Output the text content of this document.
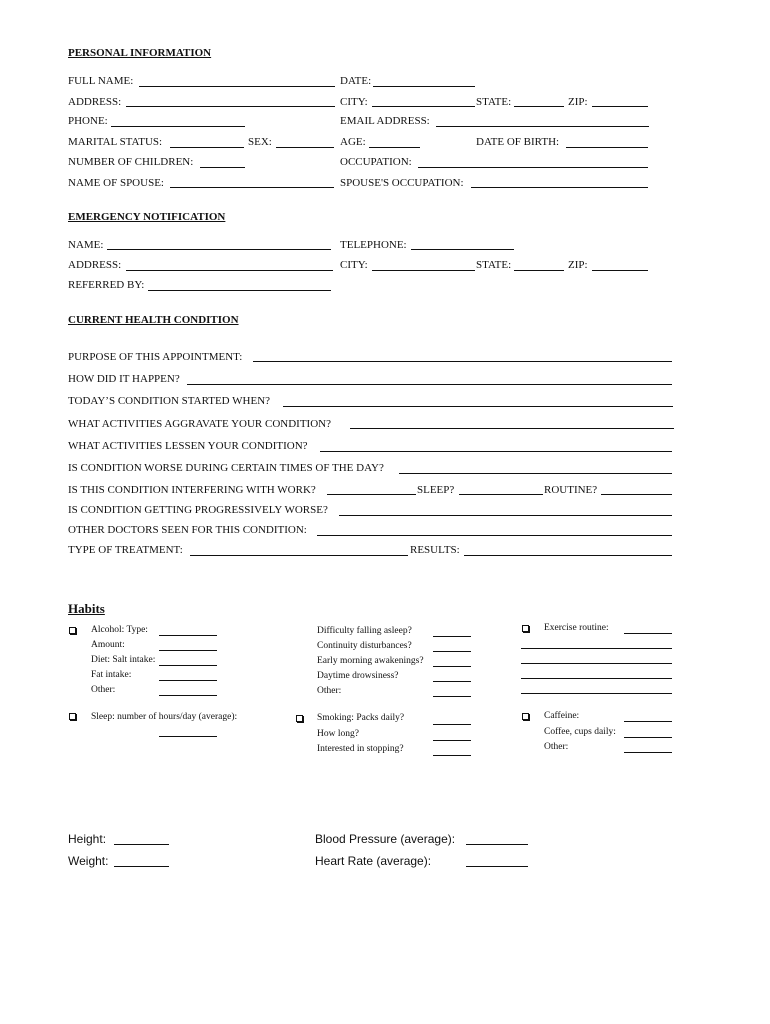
PERSONAL INFORMATION
FULL NAME:	DATE:
ADDRESS:	CITY:	STATE:	ZIP:
PHONE:	EMAIL ADDRESS:
MARITAL STATUS:	SEX:	AGE:	DATE OF BIRTH:
NUMBER OF CHILDREN:	OCCUPATION:
NAME OF SPOUSE:	SPOUSE'S OCCUPATION:
EMERGENCY NOTIFICATION
NAME:	TELEPHONE:
ADDRESS:	CITY:	STATE:	ZIP:
REFERRED BY:
CURRENT HEALTH CONDITION
PURPOSE OF THIS APPOINTMENT:
HOW DID IT HAPPEN?
TODAY’S CONDITION STARTED WHEN?
WHAT ACTIVITIES AGGRAVATE YOUR CONDITION?
WHAT ACTIVITIES LESSEN YOUR CONDITION?
IS CONDITION WORSE DURING CERTAIN TIMES OF THE DAY?
IS THIS CONDITION INTERFERING WITH WORK?	SLEEP?	ROUTINE?
IS CONDITION GETTING PROGRESSIVELY WORSE?
OTHER DOCTORS SEEN FOR THIS CONDITION:
TYPE OF TREATMENT:	RESULTS:
Habits
Alcohol: Type:
Amount:
Diet: Salt intake:
Fat intake:
Other:
Difficulty falling asleep?
Continuity disturbances?
Early morning awakenings?
Daytime drowsiness?
Other:
Exercise routine:
Sleep: number of hours/day (average):	Smoking: Packs daily?
How long?
Interested in stopping?
Caffeine:
Coffee, cups daily:
Other:
Height:
Weight:
Blood Pressure (average):
Heart Rate (average):
